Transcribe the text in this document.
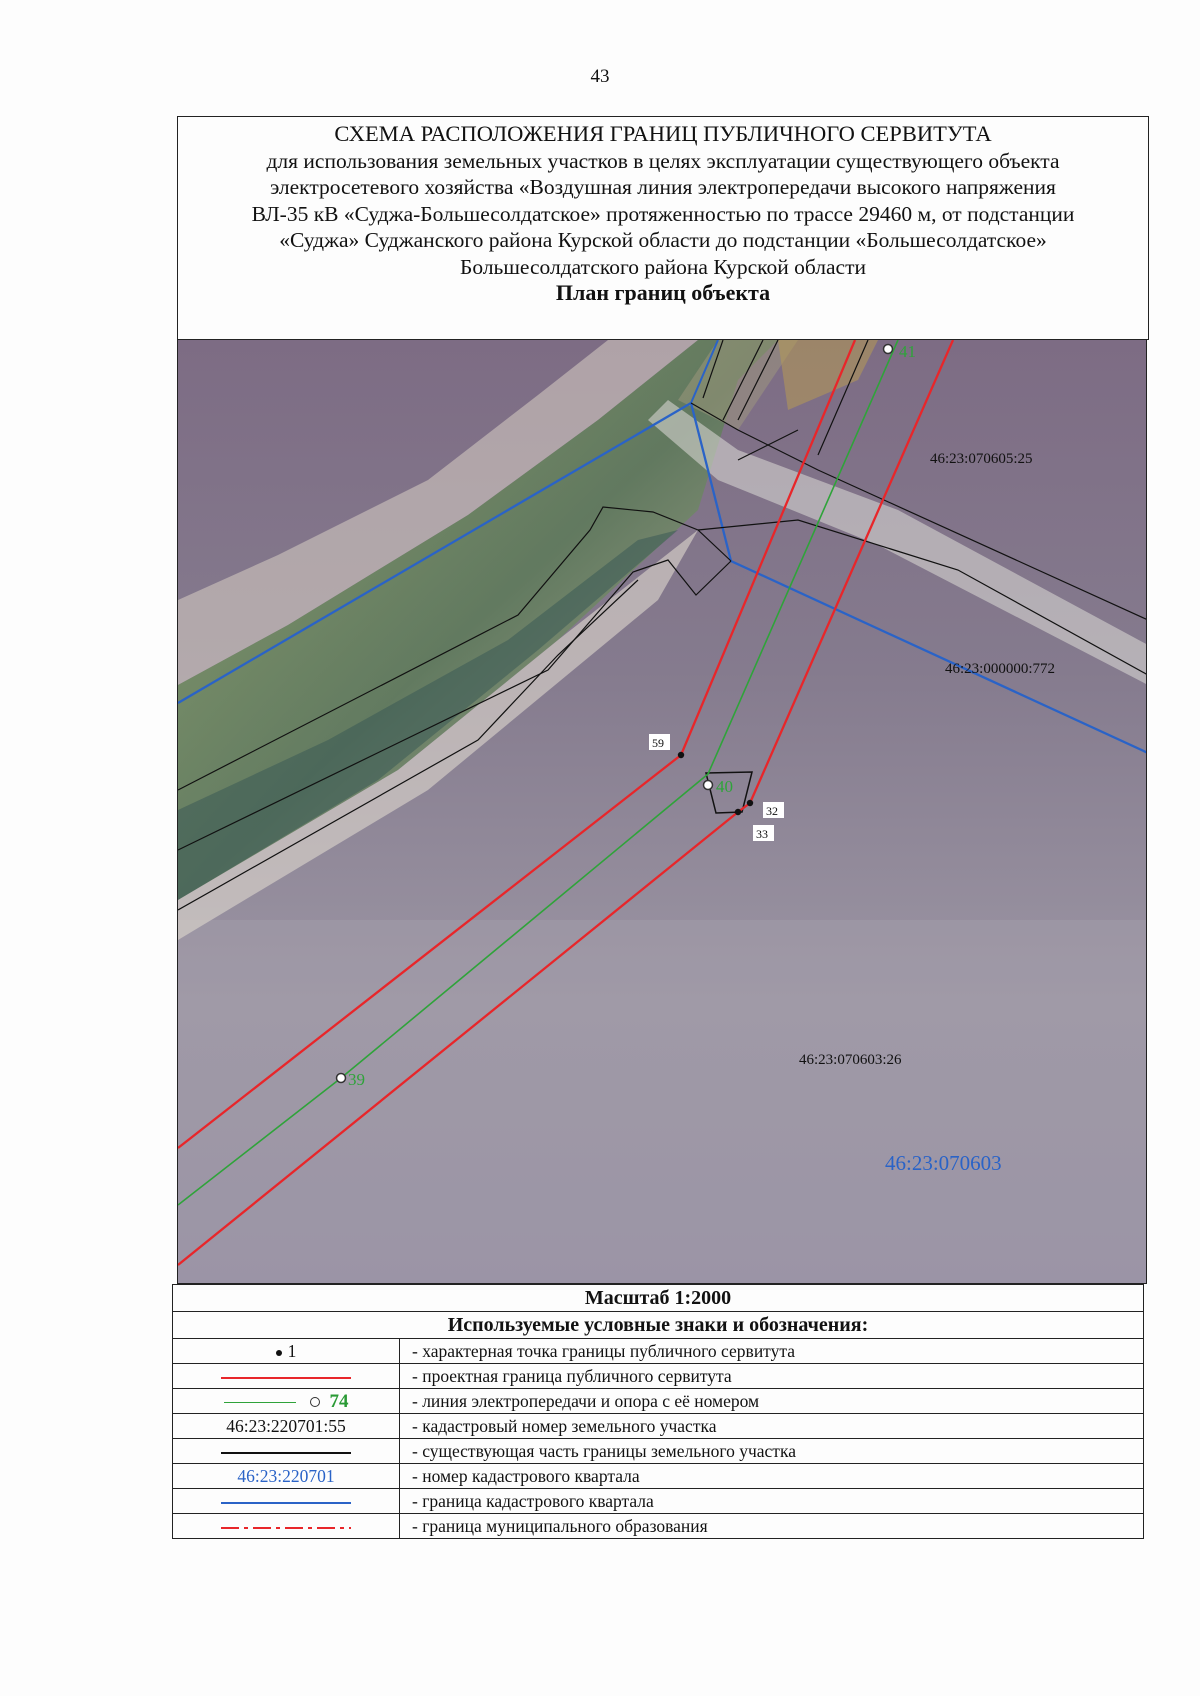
43
СХЕМА РАСПОЛОЖЕНИЯ ГРАНИЦ ПУБЛИЧНОГО СЕРВИТУТА
для использования земельных участков в целях эксплуатации существующего объекта
электросетевого хозяйства «Воздушная линия электропередачи высокого напряжения
ВЛ-35 кВ «Суджа-Большесолдатское» протяженностью по трассе 29460 м, от подстанции
«Суджа» Суджанского района Курской области до подстанции «Большесолдатское»
Большесолдатского района Курской области
План границ объекта
59
32
33
41
40
39
46:23:070605:25
46:23:000000:772
46:23:070603:26
46:23:070603
Масштаб 1:2000	
Используемые условные знаки и обозначения:	
1	- характерная точка границы публичного сервитута
	- проектная граница публичного сервитута
74	- линия электропередачи и опора с её номером
46:23:220701:55	- кадастровый номер земельного участка
	- существующая часть границы земельного участка
46:23:220701	- номер кадастрового квартала
	- граница кадастрового квартала
	- граница муниципального образования
